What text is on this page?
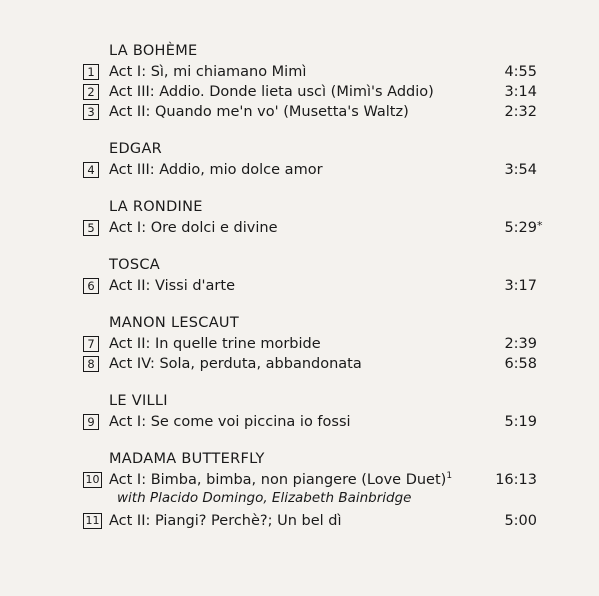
LA BOHÈME
1 Act I: Sì, mi chiamano Mimì	4:55
2 Act III: Addio. Donde lieta uscì (Mimì's Addio)	3:14
3 Act II: Quando me'n vo' (Musetta's Waltz)	2:32
EDGAR
4 Act III: Addio, mio dolce amor	3:54
LA RONDINE
5 Act I: Ore dolci e divine	5:29 *
TOSCA
6 Act II: Vissi d'arte	3:17
MANON LESCAUT
7 Act II: In quelle trine morbide	2:39
8 Act IV: Sola, perduta, abbandonata	6:58
LE VILLI
9 Act I: Se come voi piccina io fossi	5:19
MADAMA BUTTERFLY
10 Act I: Bimba, bimba, non piangere (Love Duet)$^1$	16:13
with Placido Domingo, Elizabeth Bainbridge
11 Act II: Piangi? Perchè?; Un bel dì	5:00
